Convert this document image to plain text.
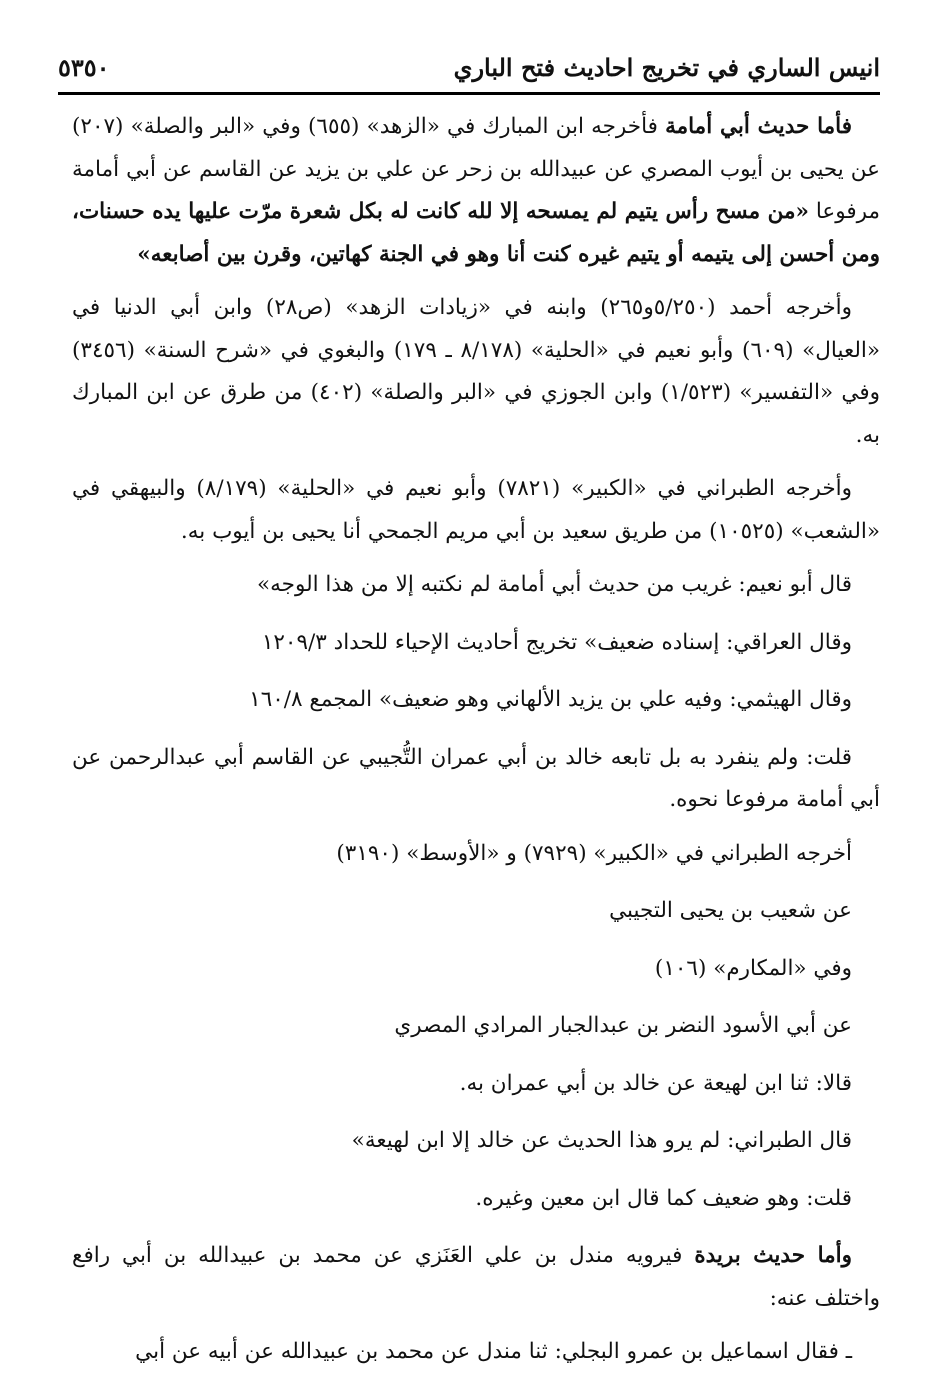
انيس الساري في تخريج احاديث فتح الباري
٥٣٥٠

فأما حديث أبي أمامة فأخرجه ابن المبارك في «الزهد» (٦٥٥) وفي «البر والصلة» (٢٠٧) عن يحيى بن أيوب المصري عن عبيدالله بن زحر عن علي بن يزيد عن القاسم عن أبي أمامة مرفوعا «من مسح رأس يتيم لم يمسحه إلا لله كانت له بكل شعرة مرّت عليها يده حسنات، ومن أحسن إلى يتيمه أو يتيم غيره كنت أنا وهو في الجنة كهاتين، وقرن بين أصابعه»

وأخرجه أحمد (٥/٢٥٠و٢٦٥) وابنه في «زيادات الزهد» (ص٢٨) وابن أبي الدنيا في «العيال» (٦٠٩) وأبو نعيم في «الحلية» (٨/١٧٨ ـ ١٧٩) والبغوي في «شرح السنة» (٣٤٥٦) وفي «التفسير» (١/٥٢٣) وابن الجوزي في «البر والصلة» (٤٠٢) من طرق عن ابن المبارك به.

وأخرجه الطبراني في «الكبير» (٧٨٢١) وأبو نعيم في «الحلية» (٨/١٧٩) والبيهقي في «الشعب» (١٠٥٢٥) من طريق سعيد بن أبي مريم الجمحي أنا يحيى بن أيوب به.

قال أبو نعيم: غريب من حديث أبي أمامة لم نكتبه إلا من هذا الوجه»

وقال العراقي: إسناده ضعيف» تخريج أحاديث الإحياء للحداد ١٢٠٩/٣

وقال الهيثمي: وفيه علي بن يزيد الألهاني وهو ضعيف» المجمع ١٦٠/٨

قلت: ولم ينفرد به بل تابعه خالد بن أبي عمران التُّجيبي عن القاسم أبي عبدالرحمن عن أبي أمامة مرفوعا نحوه.

أخرجه الطبراني في «الكبير» (٧٩٢٩) و «الأوسط» (٣١٩٠)

عن شعيب بن يحيى التجيبي

وفي «المكارم» (١٠٦)

عن أبي الأسود النضر بن عبدالجبار المرادي المصري

قالا: ثنا ابن لهيعة عن خالد بن أبي عمران به.

قال الطبراني: لم يرو هذا الحديث عن خالد إلا ابن لهيعة»

قلت: وهو ضعيف كما قال ابن معين وغيره.

وأما حديث بريدة فيرويه مندل بن علي العَنَزي عن محمد بن عبيدالله بن أبي رافع واختلف عنه:

ـ فقال اسماعيل بن عمرو البجلي: ثنا مندل عن محمد بن عبيدالله عن أبيه عن أبي
